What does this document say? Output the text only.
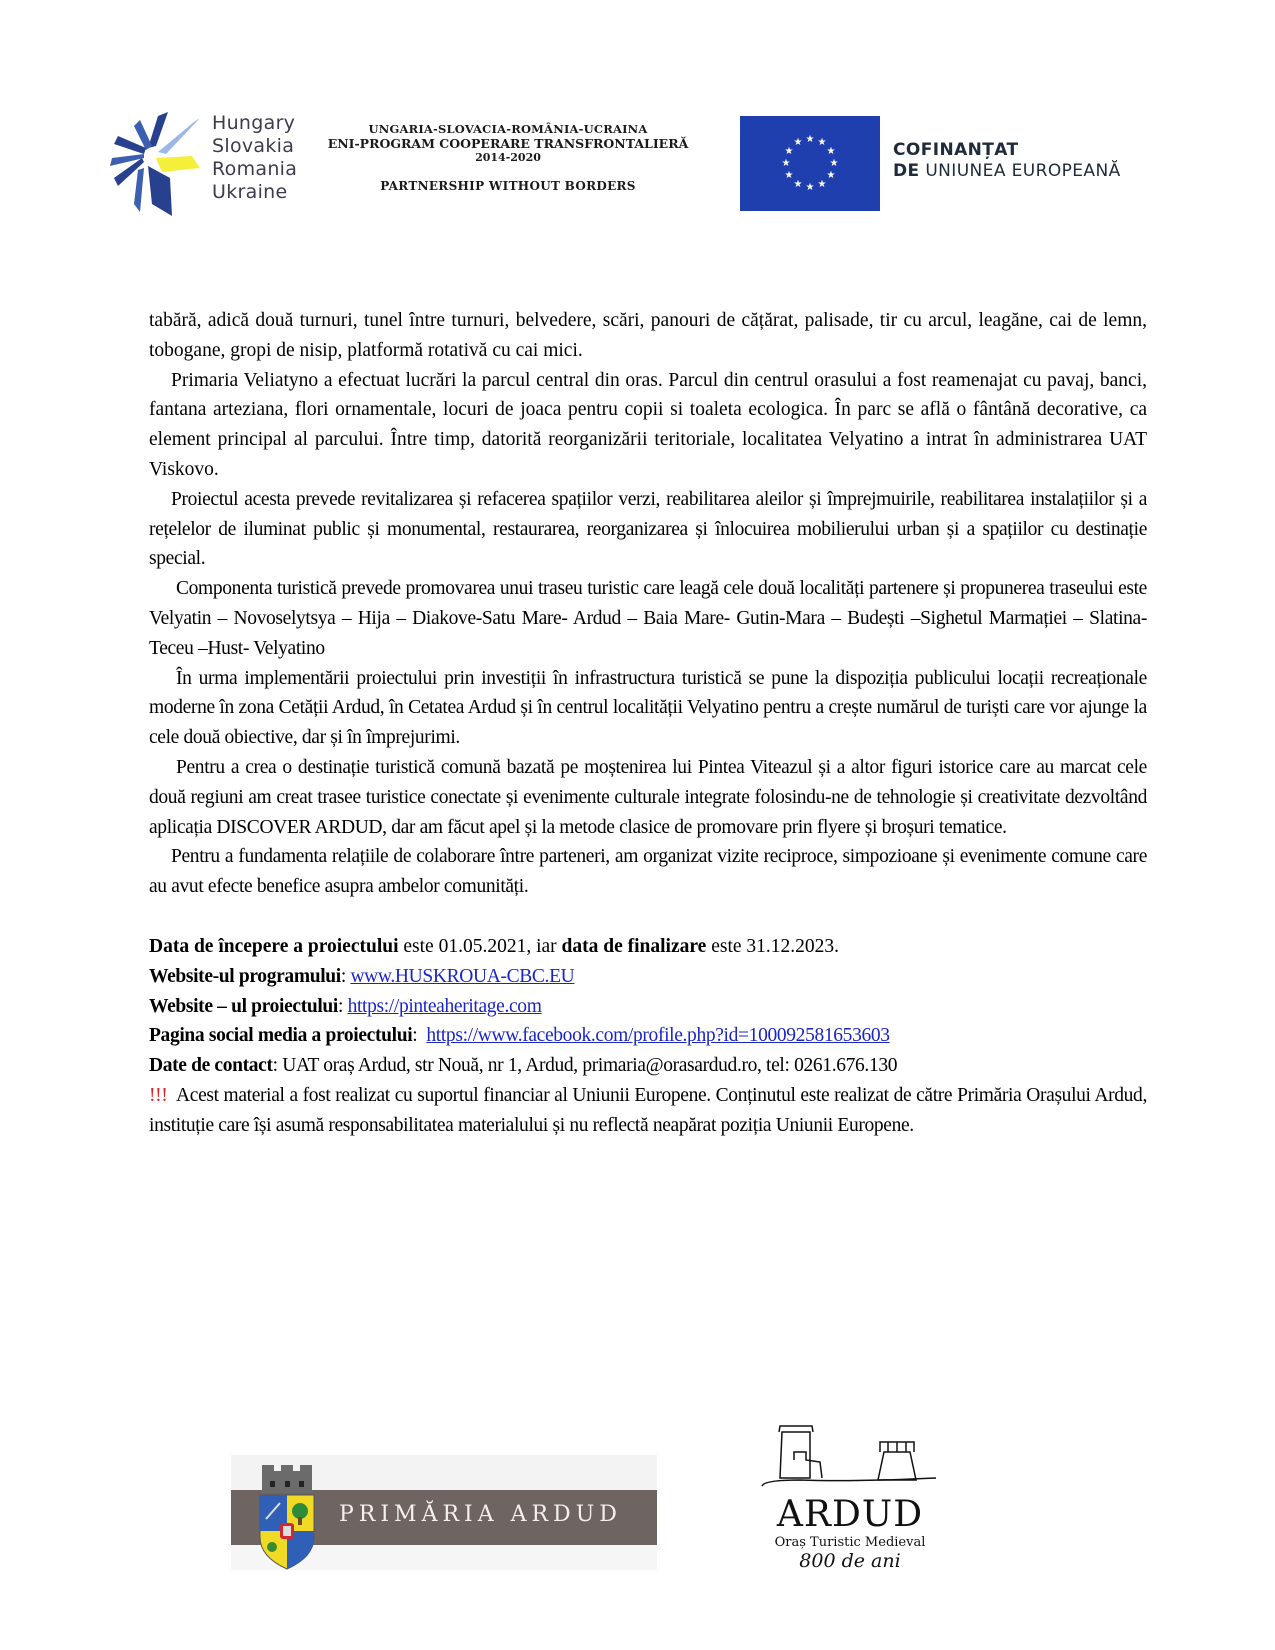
Hungary
Slovakia
Romania
Ukraine
UNGARIA-SLOVACIA-ROMÂNIA-UCRAINA
ENI-PROGRAM COOPERARE TRANSFRONTALIERĂ
2014-2020
PARTNERSHIP WITHOUT BORDERS
★ ★
★
★
★
★
★
★
★
★
★
★	COFINANȚAT
DE UNIUNEA EUROPEANĂ

tabără, adică două turnuri, tunel între turnuri, belvedere, scări, panouri de cățărat, palisade, tir cu arcul, leagăne, cai de lemn, tobogane, gropi de nisip, platformă rotativă cu cai mici.

Primaria Veliatyno a efectuat lucrări la parcul central din oras. Parcul din centrul orasului a fost reamenajat cu pavaj, banci, fantana arteziana, flori ornamentale, locuri de joaca pentru copii si toaleta ecologica. În parc se află o fântână decorative, ca element principal al parcului. Între timp, datorită reorganizării teritoriale, localitatea Velyatino a intrat în administrarea UAT Viskovo.

Proiectul acesta prevede revitalizarea și refacerea spațiilor verzi, reabilitarea aleilor și împrejmuirile, reabilitarea instalațiilor și a rețelelor de iluminat public și monumental, restaurarea, reorganizarea și înlocuirea mobilierului urban și a spațiilor cu destinație special.

Componenta turistică prevede promovarea unui traseu turistic care leagă cele două localități partenere și propunerea traseului este Velyatin – Novoselytsya – Hija – Diakove-Satu Mare- Ardud – Baia Mare- Gutin-Mara – Budești –Sighetul Marmației – Slatina- Teceu –Hust- Velyatino

În urma implementării proiectului prin investiții în infrastructura turistică se pune la dispoziția publicului locații recreaționale moderne în zona Cetății Ardud, în Cetatea Ardud și în centrul localității Velyatino pentru a crește numărul de turiști care vor ajunge la cele două obiective, dar și în împrejurimi.

Pentru a crea o destinație turistică comună bazată pe moștenirea lui Pintea Viteazul și a altor figuri istorice care au marcat cele două regiuni am creat trasee turistice conectate și evenimente culturale integrate folosindu-ne de tehnologie și creativitate dezvoltând aplicația DISCOVER ARDUD, dar am făcut apel și la metode clasice de promovare prin flyere și broșuri tematice.

Pentru a fundamenta relațiile de colaborare între parteneri, am organizat vizite reciproce, simpozioane și evenimente comune care au avut efecte benefice asupra ambelor comunități.

Data de începere a proiectului este 01.05.2021, iar data de finalizare este 31.12.2023.

Website-ul programului: www.HUSKROUA-CBC.EU

Website – ul proiectului: https://pinteaheritage.com

Pagina social media a proiectului:  https://www.facebook.com/profile.php?id=100092581653603

Date de contact: UAT oraș Ardud, str Nouă, nr 1, Ardud, primaria@orasardud.ro, tel: 0261.676.130

!!!  Acest material a fost realizat cu suportul financiar al Uniunii Europene. Conținutul este realizat de către Primăria Orașului Ardud, instituție care își asumă responsabilitatea materialului și nu reflectă neapărat poziția Uniunii Europene.

PRIMĂRIA ARDUD	ARDUD
Oraș Turistic Medieval
800 de ani
